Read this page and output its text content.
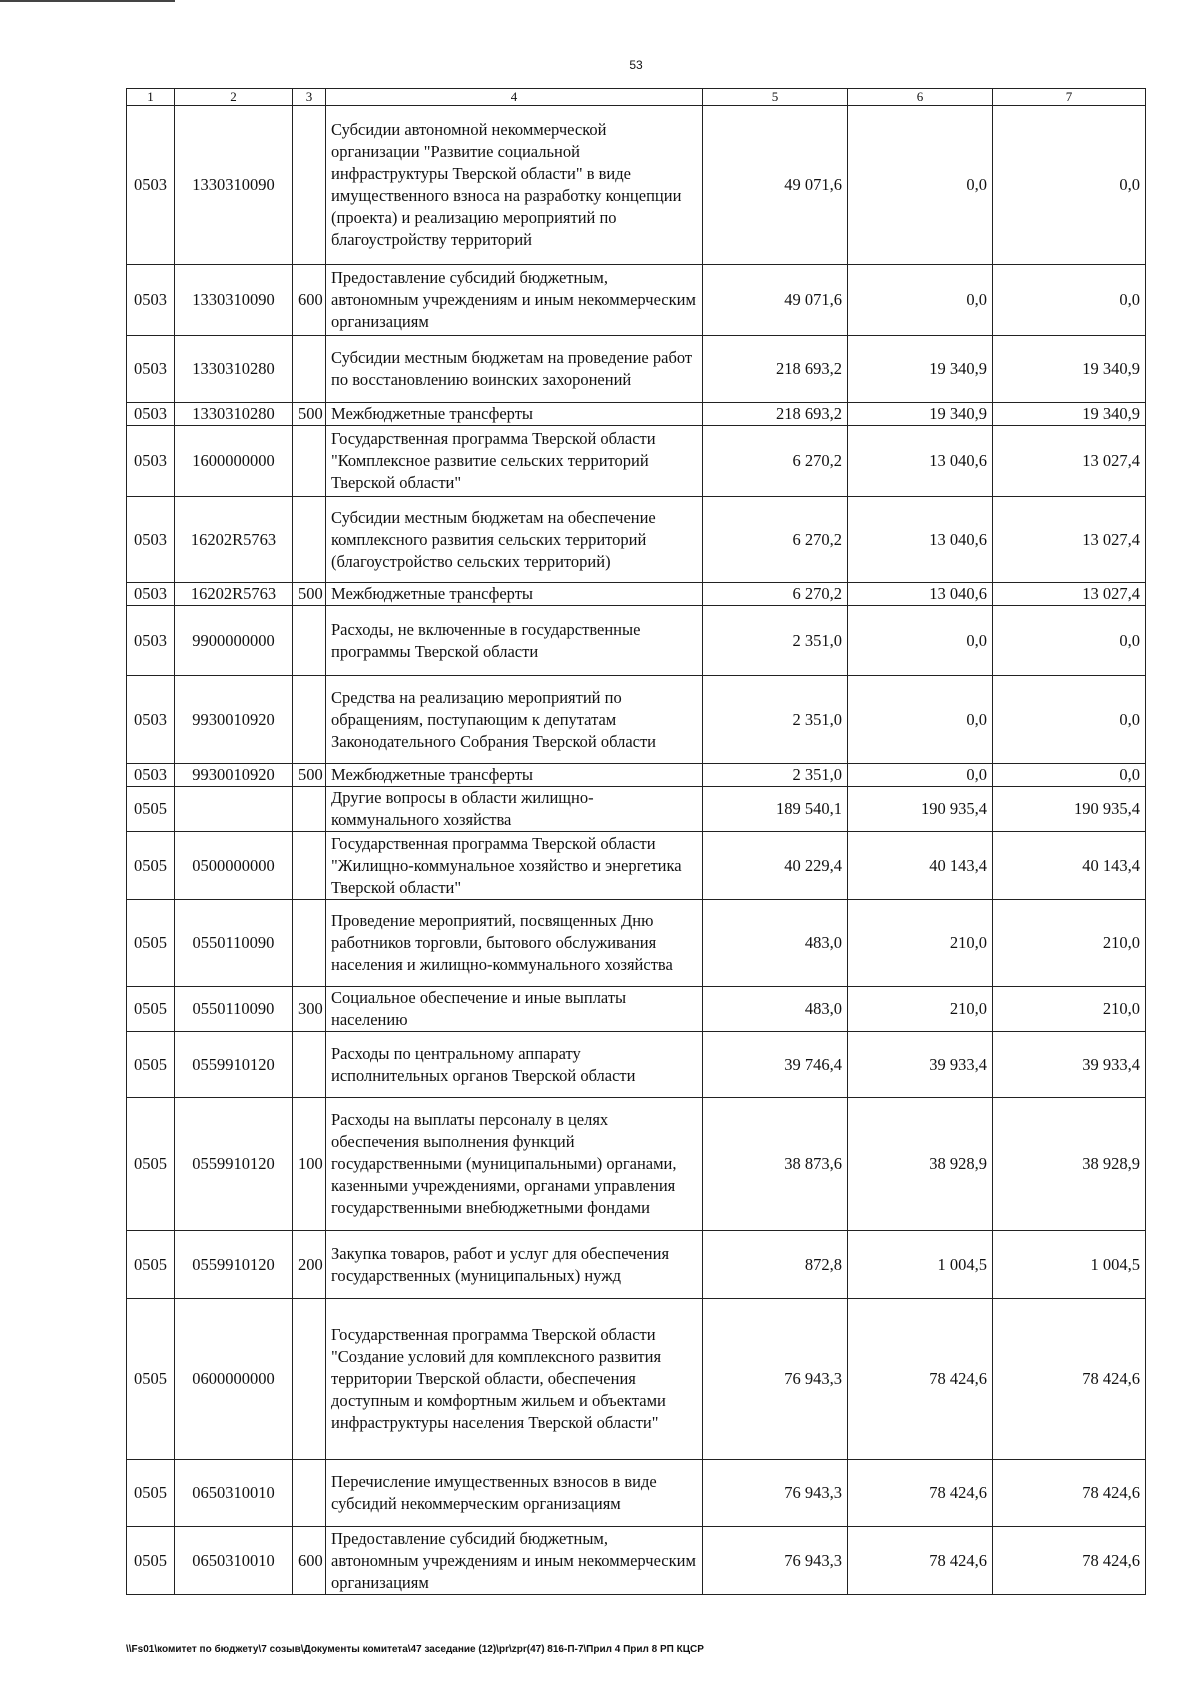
53
1	2	3	4	5	6	7
0503	1330310090		Субсидии автономной некоммерческой организации "Развитие социальной инфраструктуры Тверской области" в виде имущественного взноса на разработку концепции (проекта) и реализацию мероприятий по благоустройству территорий	49 071,6	0,0	0,0
0503	1330310090	600	Предоставление субсидий бюджетным, автономным учреждениям и иным некоммерческим организациям	49 071,6	0,0	0,0
0503	1330310280		Субсидии местным бюджетам на проведение работ по восстановлению воинских захоронений	218 693,2	19 340,9	19 340,9
0503	1330310280	500	Межбюджетные трансферты	218 693,2	19 340,9	19 340,9
0503	1600000000		Государственная программа Тверской области "Комплексное развитие сельских территорий Тверской области"	6 270,2	13 040,6	13 027,4
0503	16202R5763		Субсидии местным бюджетам на обеспечение комплексного развития сельских территорий (благоустройство сельских территорий)	6 270,2	13 040,6	13 027,4
0503	16202R5763	500	Межбюджетные трансферты	6 270,2	13 040,6	13 027,4
0503	9900000000		Расходы, не включенные в государственные программы Тверской области	2 351,0	0,0	0,0
0503	9930010920		Средства на реализацию мероприятий по обращениям, поступающим к депутатам Законодательного Собрания Тверской области	2 351,0	0,0	0,0
0503	9930010920	500	Межбюджетные трансферты	2 351,0	0,0	0,0
0505			Другие вопросы в области жилищно-коммунального хозяйства	189 540,1	190 935,4	190 935,4
0505	0500000000		Государственная программа Тверской области "Жилищно-коммунальное хозяйство и энергетика Тверской области"	40 229,4	40 143,4	40 143,4
0505	0550110090		Проведение мероприятий, посвященных Дню работников торговли, бытового обслуживания населения и жилищно-коммунального хозяйства	483,0	210,0	210,0
0505	0550110090	300	Социальное обеспечение и иные выплаты населению	483,0	210,0	210,0
0505	0559910120		Расходы по центральному аппарату исполнительных органов Тверской области	39 746,4	39 933,4	39 933,4
0505	0559910120	100	Расходы на выплаты персоналу в целях обеспечения выполнения функций государственными (муниципальными) органами, казенными учреждениями, органами управления государственными внебюджетными фондами	38 873,6	38 928,9	38 928,9
0505	0559910120	200	Закупка товаров, работ и услуг для обеспечения государственных (муниципальных) нужд	872,8	1 004,5	1 004,5
0505	0600000000		Государственная программа Тверской области "Создание условий для комплексного развития территории Тверской области, обеспечения доступным и комфортным жильем и объектами инфраструктуры населения Тверской области"	76 943,3	78 424,6	78 424,6
0505	0650310010		Перечисление имущественных взносов в виде субсидий некоммерческим организациям	76 943,3	78 424,6	78 424,6
0505	0650310010	600	Предоставление субсидий бюджетным, автономным учреждениям и иным некоммерческим организациям	76 943,3	78 424,6	78 424,6
\\Fs01\комитет по бюджету\7 созыв\Документы комитета\47 заседание (12)\pr\zpr(47) 816-П-7\Прил 4 Прил 8 РП КЦСР
